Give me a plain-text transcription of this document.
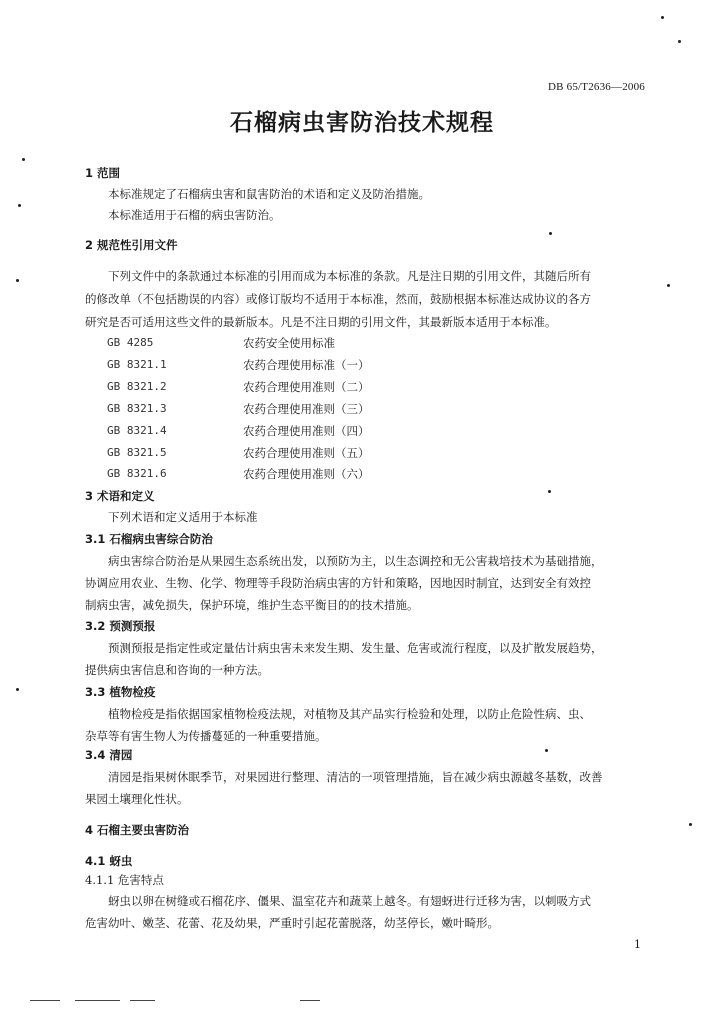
DB 65/T2636—2006
石榴病虫害防治技术规程
1 范围
本标准规定了石榴病虫害和鼠害防治的术语和定义及防治措施。
本标准适用于石榴的病虫害防治。
2 规范性引用文件
下列文件中的条款通过本标准的引用而成为本标准的条款。凡是注日期的引用文件，其随后所有
的修改单（不包括勘误的内容）或修订版均不适用于本标准，然而，鼓励根据本标准达成协议的各方
研究是否可适用这些文件的最新版本。凡是不注日期的引用文件，其最新版本适用于本标准。
GB 4285	农药安全使用标准
GB 8321.1	农药合理使用标准（一）
GB 8321.2	农药合理使用准则（二）
GB 8321.3	农药合理使用准则（三）
GB 8321.4	农药合理使用准则（四）
GB 8321.5	农药合理使用准则（五）
GB 8321.6	农药合理使用准则（六）
3 术语和定义
下列术语和定义适用于本标准
3.1 石榴病虫害综合防治
病虫害综合防治是从果园生态系统出发，以预防为主，以生态调控和无公害栽培技术为基础措施，
协调应用农业、生物、化学、物理等手段防治病虫害的方针和策略，因地因时制宜，达到安全有效控
制病虫害，减免损失，保护环境，维护生态平衡目的的技术措施。
3.2 预测预报
预测预报是指定性或定量估计病虫害未来发生期、发生量、危害或流行程度，以及扩散发展趋势，
提供病虫害信息和咨询的一种方法。
3.3 植物检疫
植物检疫是指依据国家植物检疫法规，对植物及其产品实行检验和处理，以防止危险性病、虫、
杂草等有害生物人为传播蔓延的一种重要措施。
3.4 清园
清园是指果树休眠季节，对果园进行整理、清洁的一项管理措施，旨在减少病虫源越冬基数，改善
果园土壤理化性状。
4 石榴主要虫害防治
4.1 蚜虫
4.1.1 危害特点
蚜虫以卵在树缝或石榴花序、僵果、温室花卉和蔬菜上越冬。有翅蚜进行迁移为害，以刺吸方式
危害幼叶、嫩茎、花蕾、花及幼果，严重时引起花蕾脱落，幼茎停长，嫩叶畸形。
1
